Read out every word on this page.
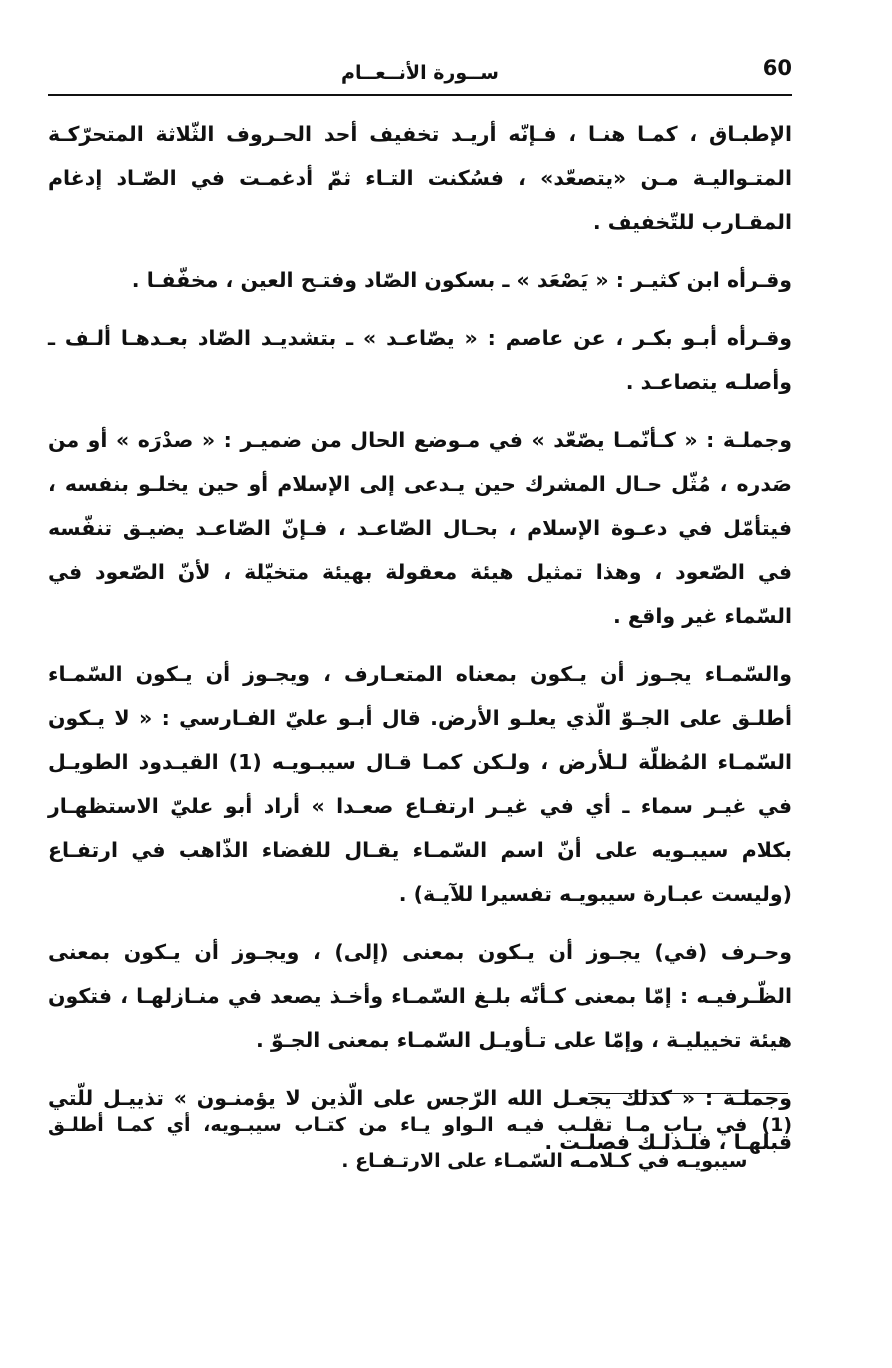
ســورة الأنــعــام	60

الإطبـاق ، كمـا هنـا ، فـإنّه أريـد تخفيف أحد الحـروف الثّلاثة المتحرّكـة المتـواليـة مـن «يتصعّد» ، فسُكنت التـاء ثمّ أدغمـت في الصّـاد إدغام المقـارب للتّخفيف .

وقـرأه ابن كثيـر : « يَصْعَد » ـ بسكون الصّاد وفتـح العين ، مخفّفـا .

وقـرأه أبـو بكـر ، عن عاصم : « يصّاعـد » ـ بتشديـد الصّاد بعـدهـا ألـف ـ وأصلـه يتصاعـد .

وجملـة : « كـأنّمـا يصّعّد » في مـوضع الحال من ضميـر : « صدْرَه » أو من صَدره ، مُثّل حـال المشرك حين يـدعى إلى الإسلام أو حين يخلـو بنفسه ، فيتأمّل في دعـوة الإسلام ، بحـال الصّاعـد ، فـإنّ الصّاعـد يضيـق تنفّسه في الصّعود ، وهذا تمثيل هيئة معقولة بهيئة متخيّلة ، لأنّ الصّعود في السّماء غير واقع .

والسّمـاء يجـوز أن يـكون بمعناه المتعـارف ، ويجـوز أن يـكون السّمـاء أطلـق على الجـوّ الّذي يعلـو الأرض. قال أبـو عليّ الفـارسي : « لا يـكون السّمـاء المُظلّة لـلأرض ، ولـكن كمـا قـال سيبـويـه (1) القيـدود الطويـل في غيـر سماء ـ أي في غيـر ارتفـاع صعـدا » أراد أبو عليّ الاستظهـار بكلام سيبـويه على أنّ اسم السّمـاء يقـال للفضاء الذّاهب في ارتفـاع (وليست عبـارة سيبويـه تفسيرا للآيـة) .

وحـرف (في) يجـوز أن يـكون بمعنى (إلى) ، ويجـوز أن يـكون بمعنى الظّـرفيـه : إمّا بمعنى كـأنّه بلـغ السّمـاء وأخـذ يصعد في منـازلهـا ، فتكون هيئة تخييليـة ، وإمّا على تـأويـل السّمـاء بمعنى الجـوّ .

وجملـة : « كذلك يجعـل الله الرّجس على الّذين لا يؤمنـون » تذييـل للّتي قبلهـا ، فلـذلـك فصلـت .

(1)
في بـاب مـا تقلـب فيـه الـواو يـاء من كتـاب سيبـويه، أي كمـا أطلـق سيبويـه في كـلامـه السّمـاء على الارتـفـاع .
